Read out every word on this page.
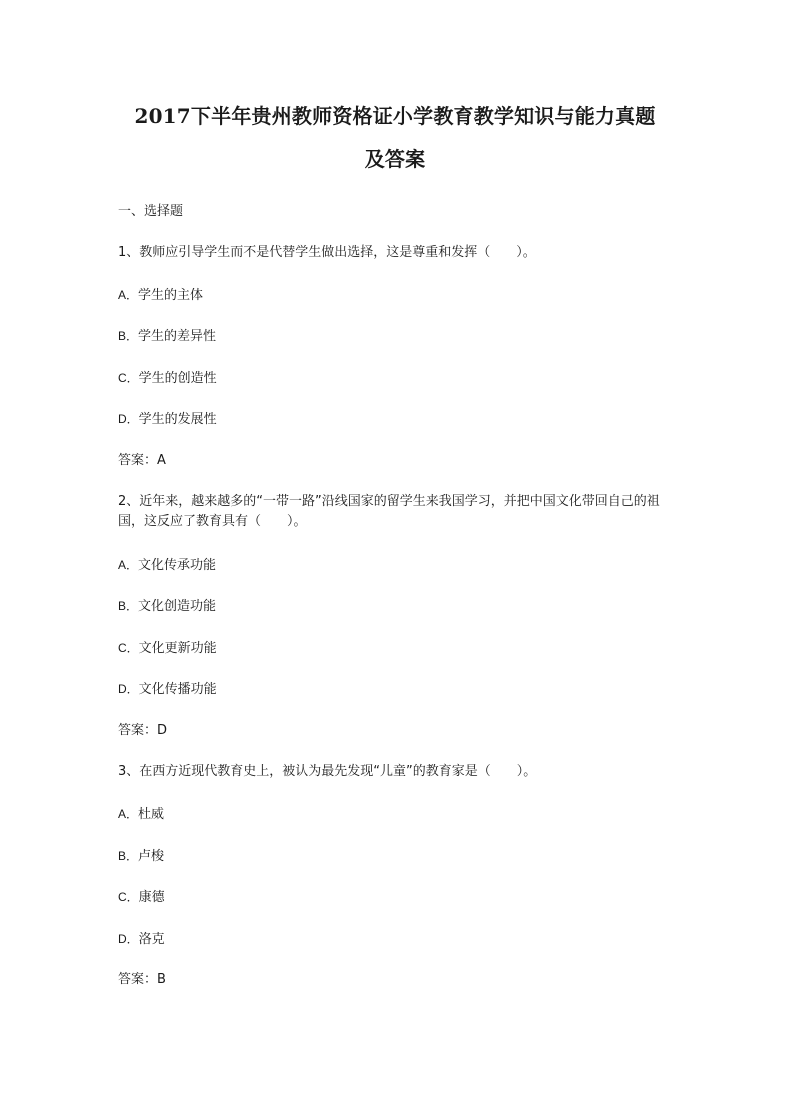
2017下半年贵州教师资格证小学教育教学知识与能力真题
及答案
一、选择题
1、教师应引导学生而不是代替学生做出选择，这是尊重和发挥（　　）。
A．学生的主体
B．学生的差异性
C．学生的创造性
D．学生的发展性
答案：A
2、近年来，越来越多的“一带一路”沿线国家的留学生来我国学习，并把中国文化带回自己的祖国，这反应了教育具有（　　）。
A．文化传承功能
B．文化创造功能
C．文化更新功能
D．文化传播功能
答案：D
3、在西方近现代教育史上，被认为最先发现“儿童”的教育家是（　　）。
A．杜威
B．卢梭
C．康德
D．洛克
答案：B
